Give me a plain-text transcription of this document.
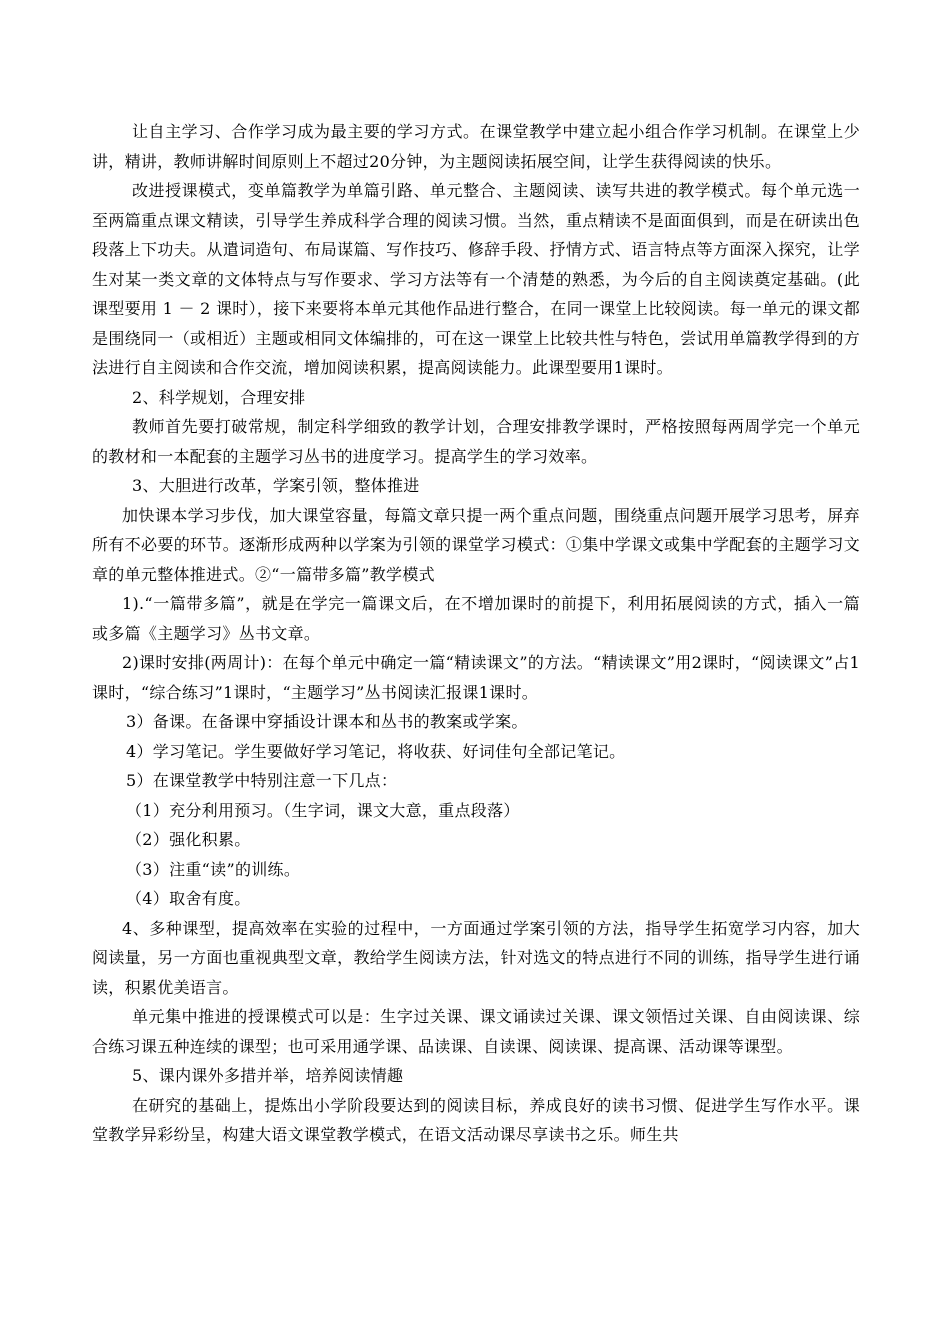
让自主学习、合作学习成为最主要的学习方式。在课堂教学中建立起小组合作学习机制。在课堂上少讲，精讲，教师讲解时间原则上不超过20分钟，为主题阅读拓展空间，让学生获得阅读的快乐。

改进授课模式，变单篇教学为单篇引路、单元整合、主题阅读、读写共进的教学模式。每个单元选一至两篇重点课文精读，引导学生养成科学合理的阅读习惯。当然，重点精读不是面面俱到，而是在研读出色段落上下功夫。从遣词造句、布局谋篇、写作技巧、修辞手段、抒情方式、语言特点等方面深入探究，让学生对某一类文章的文体特点与写作要求、学习方法等有一个清楚的熟悉，为今后的自主阅读奠定基础。(此课型要用 1 － 2 课时），接下来要将本单元其他作品进行整合，在同一课堂上比较阅读。每一单元的课文都是围绕同一（或相近）主题或相同文体编排的，可在这一课堂上比较共性与特色，尝试用单篇教学得到的方法进行自主阅读和合作交流，增加阅读积累，提高阅读能力。此课型要用1课时。

2、科学规划，合理安排

教师首先要打破常规，制定科学细致的教学计划，合理安排教学课时，严格按照每两周学完一个单元的教材和一本配套的主题学习丛书的进度学习。提高学生的学习效率。

3、大胆进行改革，学案引领，整体推进

加快课本学习步伐，加大课堂容量，每篇文章只提一两个重点问题，围绕重点问题开展学习思考，屏弃所有不必要的环节。逐渐形成两种以学案为引领的课堂学习模式：①集中学课文或集中学配套的主题学习文章的单元整体推进式。②“一篇带多篇”教学模式

1).“一篇带多篇”，就是在学完一篇课文后，在不增加课时的前提下，利用拓展阅读的方式，插入一篇或多篇《主题学习》丛书文章。

2)课时安排(两周计)：在每个单元中确定一篇“精读课文”的方法。“精读课文”用2课时，“阅读课文”占1课时，“综合练习”1课时，“主题学习”丛书阅读汇报课1课时。

3）备课。在备课中穿插设计课本和丛书的教案或学案。

4）学习笔记。学生要做好学习笔记，将收获、好词佳句全部记笔记。

5）在课堂教学中特别注意一下几点：

（1）充分利用预习。（生字词，课文大意，重点段落）

（2）强化积累。

（3）注重“读”的训练。

（4）取舍有度。

4、多种课型，提高效率在实验的过程中，一方面通过学案引领的方法，指导学生拓宽学习内容，加大阅读量，另一方面也重视典型文章，教给学生阅读方法，针对选文的特点进行不同的训练，指导学生进行诵读，积累优美语言。

单元集中推进的授课模式可以是：生字过关课、课文诵读过关课、课文领悟过关课、自由阅读课、综合练习课五种连续的课型；也可采用通学课、品读课、自读课、阅读课、提高课、活动课等课型。

5、课内课外多措并举，培养阅读情趣

在研究的基础上，提炼出小学阶段要达到的阅读目标，养成良好的读书习惯、促进学生写作水平。课堂教学异彩纷呈，构建大语文课堂教学模式，在语文活动课尽享读书之乐。师生共
